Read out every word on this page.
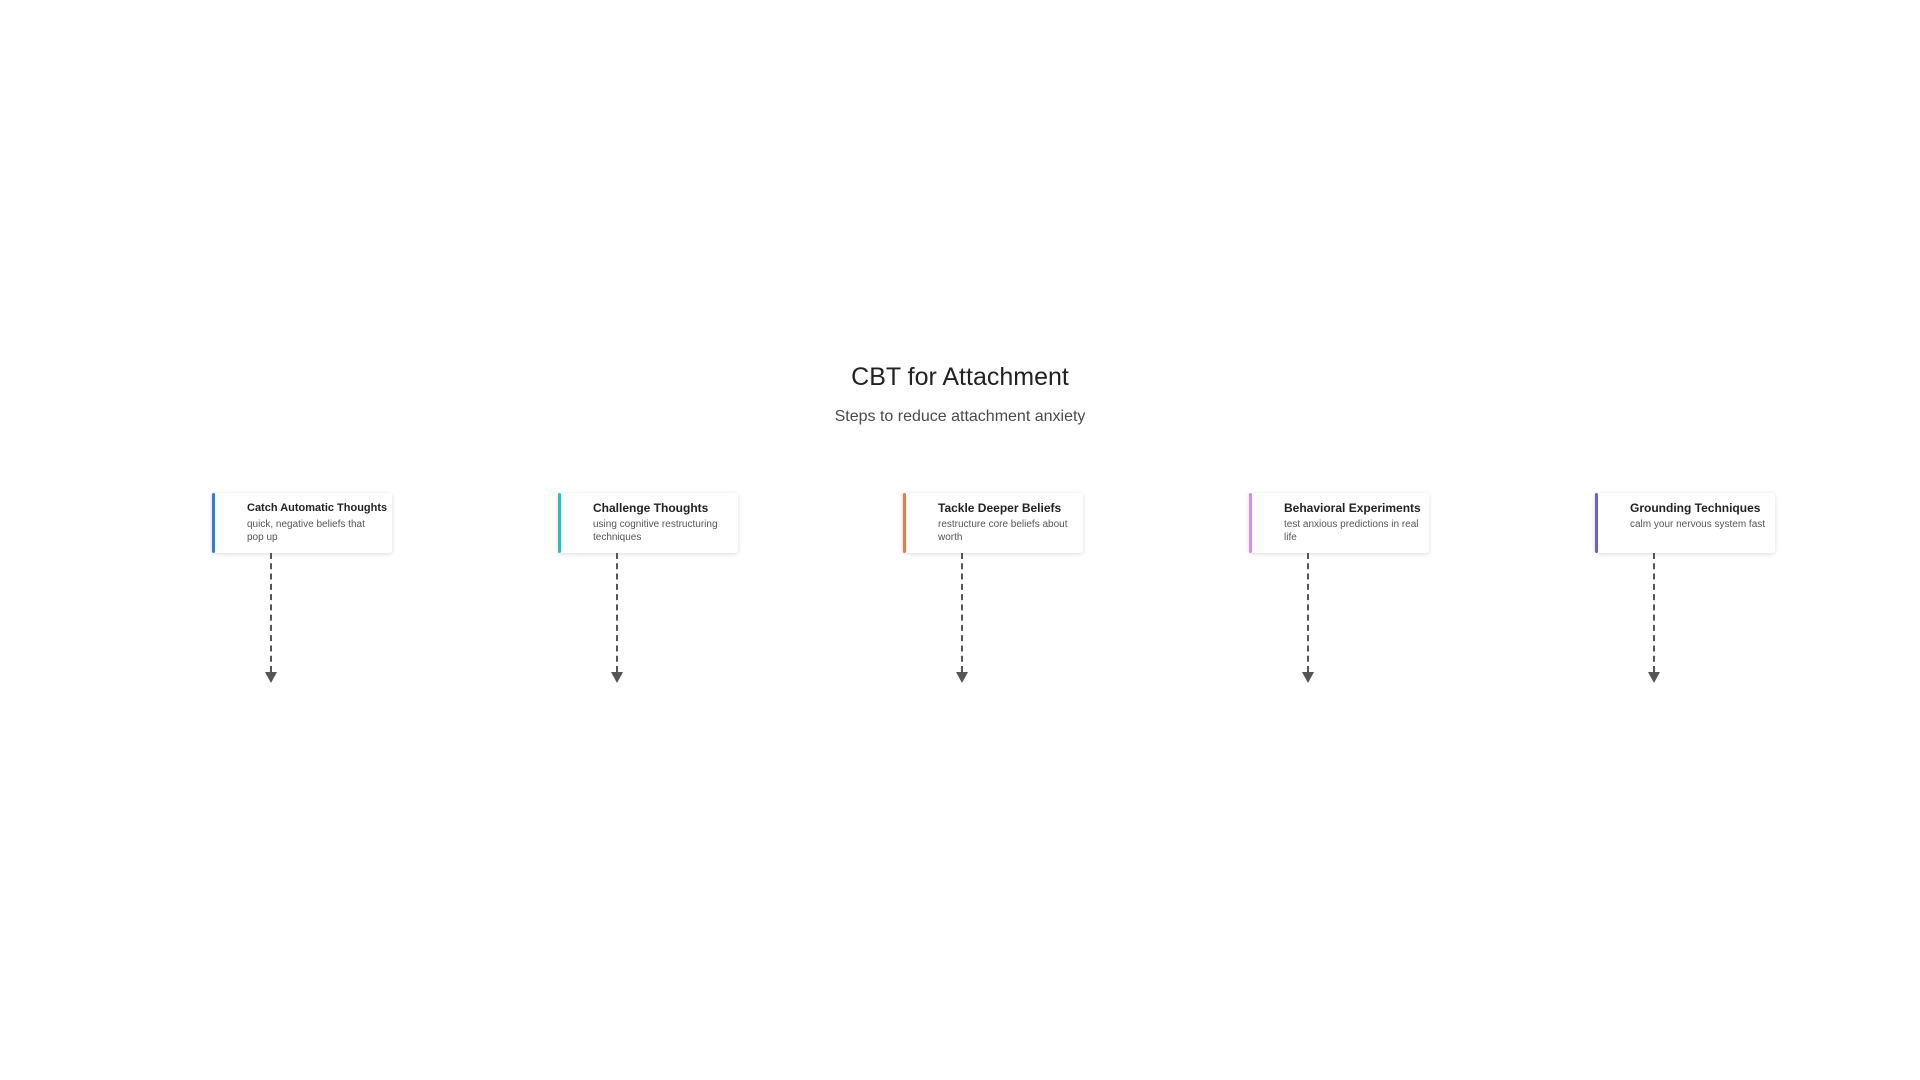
CBT for Attachment
Steps to reduce attachment anxiety
Catch Automatic Thoughts
quick, negative beliefs that pop up
Challenge Thoughts
using cognitive restructuring techniques
Tackle Deeper Beliefs
restructure core beliefs about worth
Behavioral Experiments
test anxious predictions in real life
Grounding Techniques
calm your nervous system fast
